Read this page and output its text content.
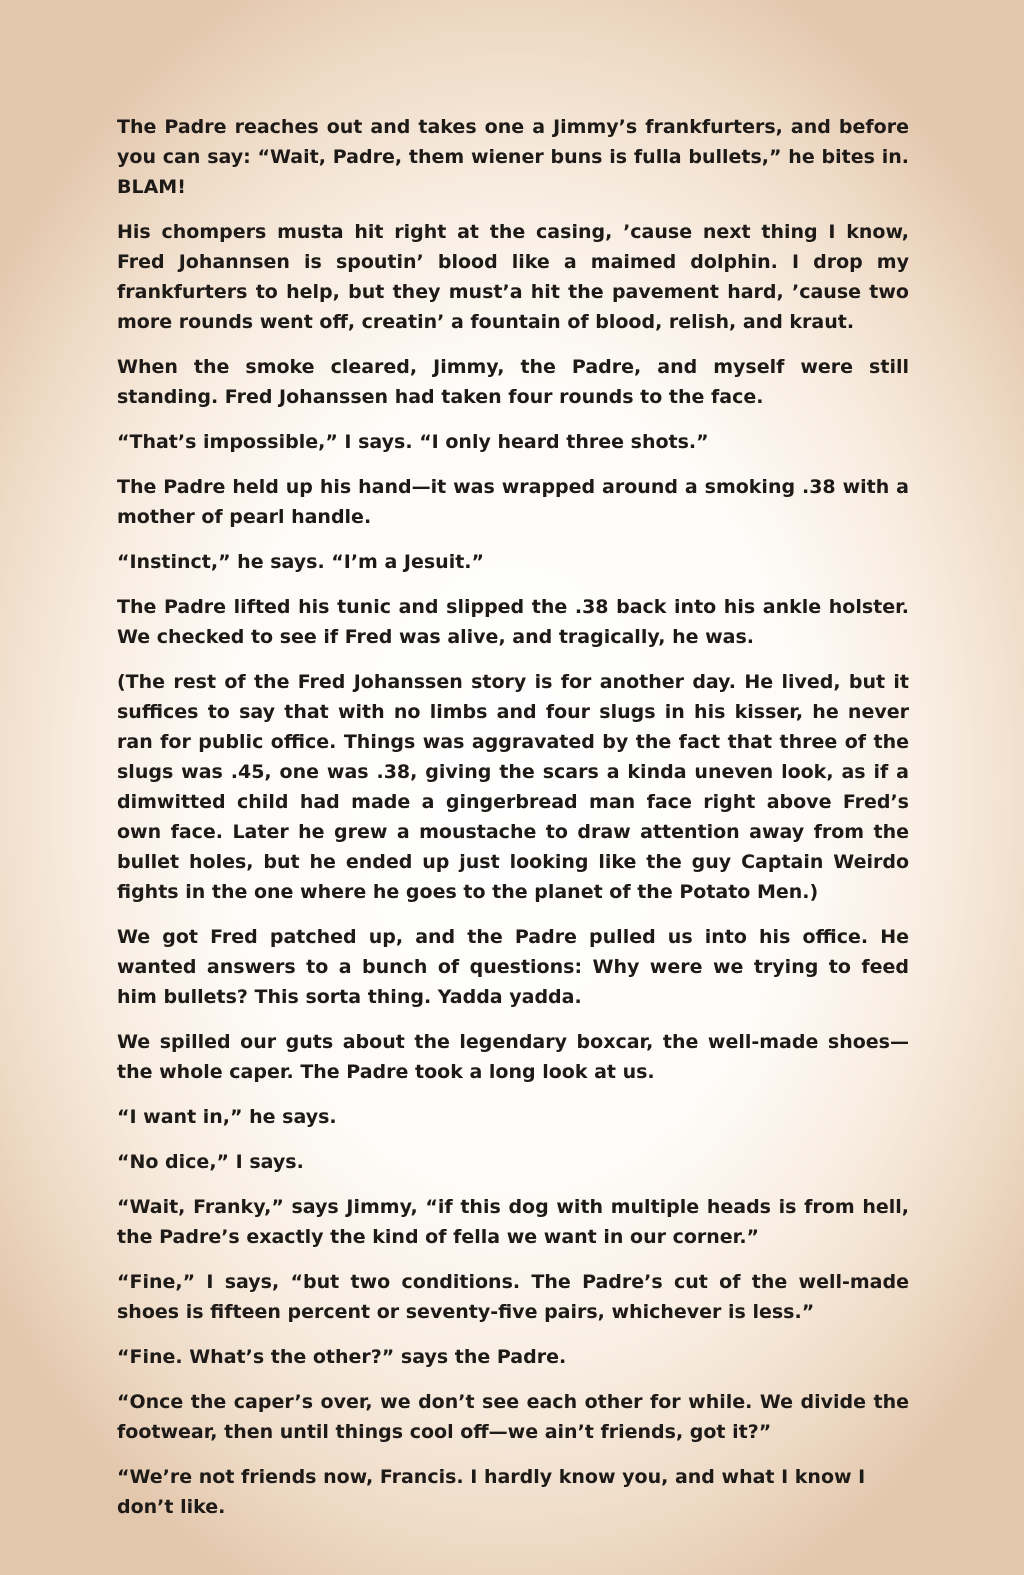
The Padre reaches out and takes one a Jimmy’s frankfurters, and before you can say: “Wait, Padre, them wiener buns is fulla bullets,” he bites in. BLAM!

His chompers musta hit right at the casing, ’cause next thing I know, Fred Johannsen is spoutin’ blood like a maimed dolphin. I drop my frankfurters to help, but they must’a hit the pavement hard, ’cause two more rounds went off, creatin’ a fountain of blood, relish, and kraut.

When the smoke cleared, Jimmy, the Padre, and myself were still standing. Fred Johanssen had taken four rounds to the face.

“That’s impossible,” I says. “I only heard three shots.”

The Padre held up his hand—it was wrapped around a smoking .38 with a mother of pearl handle.

“Instinct,” he says. “I’m a Jesuit.”

The Padre lifted his tunic and slipped the .38 back into his ankle holster. We checked to see if Fred was alive, and tragically, he was.

(The rest of the Fred Johanssen story is for another day. He lived, but it suffices to say that with no limbs and four slugs in his kisser, he never ran for public office. Things was aggravated by the fact that three of the slugs was .45, one was .38, giving the scars a kinda uneven look, as if a dimwitted child had made a gingerbread man face right above Fred’s own face. Later he grew a moustache to draw attention away from the bullet holes, but he ended up just looking like the guy Captain Weirdo fights in the one where he goes to the planet of the Potato Men.)

We got Fred patched up, and the Padre pulled us into his office. He wanted answers to a bunch of questions: Why were we trying to feed him bullets? This sorta thing. Yadda yadda.

We spilled our guts about the legendary boxcar, the well-made shoes—the whole caper. The Padre took a long look at us.

“I want in,” he says.

“No dice,” I says.

“Wait, Franky,” says Jimmy, “if this dog with multiple heads is from hell, the Padre’s exactly the kind of fella we want in our corner.”

“Fine,” I says, “but two conditions. The Padre’s cut of the well-made shoes is fifteen percent or seventy-five pairs, whichever is less.”

“Fine. What’s the other?” says the Padre.

“Once the caper’s over, we don’t see each other for while. We divide the footwear, then until things cool off—we ain’t friends, got it?”

“We’re not friends now, Francis. I hardly know you, and what I know I don’t like.
